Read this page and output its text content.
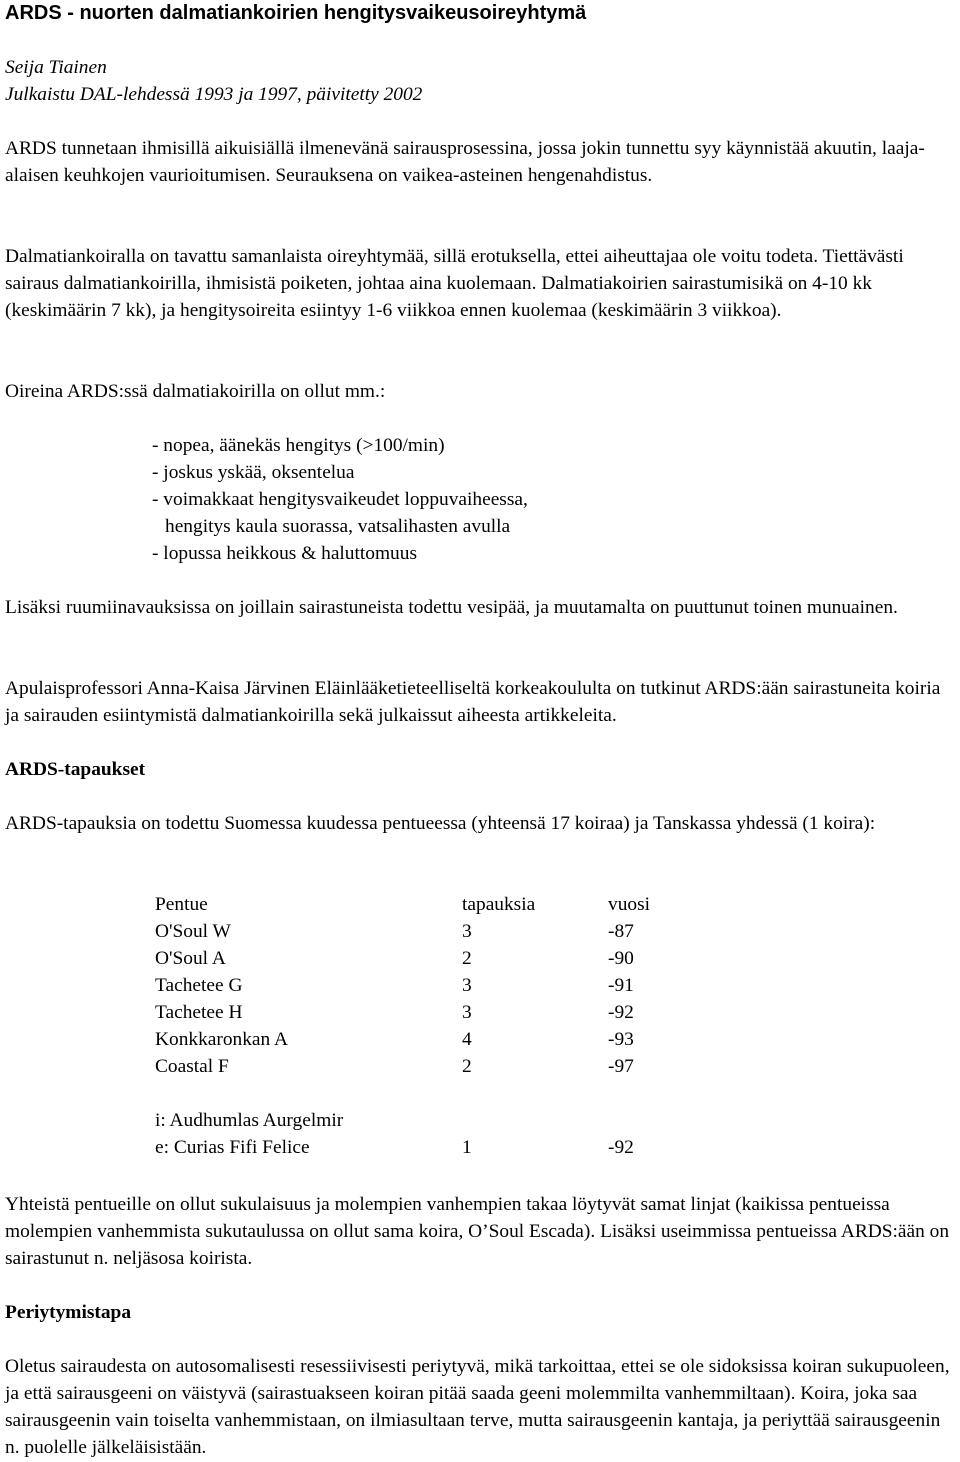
ARDS - nuorten dalmatiankoirien hengitysvaikeusoireyhtymä
Seija Tiainen
Julkaistu DAL-lehdessä 1993 ja 1997, päivitetty 2002

ARDS tunnetaan ihmisillä aikuisiällä ilmenevänä sairausprosessina, jossa jokin tunnettu syy käynnistää akuutin, laaja-alaisen keuhkojen vaurioitumisen. Seurauksena on vaikea-asteinen hengenahdistus.

Dalmatiankoiralla on tavattu samanlaista oireyhtymää, sillä erotuksella, ettei aiheuttajaa ole voitu todeta. Tiettävästi sairaus dalmatiankoirilla, ihmisistä poiketen, johtaa aina kuolemaan. Dalmatiakoirien sairastumisikä on 4-10 kk (keskimäärin 7 kk), ja hengitysoireita esiintyy 1-6 viikkoa ennen kuolemaa (keskimäärin 3 viikkoa).

Oireina ARDS:ssä dalmatiakoirilla on ollut mm.:

- nopea, äänekäs hengitys (>100/min)
- joskus yskää, oksentelua
- voimakkaat hengitysvaikeudet loppuvaiheessa,
hengitys kaula suorassa, vatsalihasten avulla
- lopussa heikkous & haluttomuus

Lisäksi ruumiinavauksissa on joillain sairastuneista todettu vesipää, ja muutamalta on puuttunut toinen munuainen.

Apulaisprofessori Anna-Kaisa Järvinen Eläinlääketieteelliseltä korkeakoululta on tutkinut ARDS:ään sairastuneita koiria ja sairauden esiintymistä dalmatiankoirilla sekä julkaissut aiheesta artikkeleita.

ARDS-tapaukset

ARDS-tapauksia on todettu Suomessa kuudessa pentueessa (yhteensä 17 koiraa) ja Tanskassa yhdessä (1 koira):

Pentue	tapauksia	vuosi
O'Soul W	3	-87
O'Soul A	2	-90
Tachetee G	3	-91
Tachetee H	3	-92
Konkkaronkan A	4	-93
Coastal F	2	-97
i: Audhumlas Aurgelmir
e: Curias Fifi Felice	1	-92

Yhteistä pentueille on ollut sukulaisuus ja molempien vanhempien takaa löytyvät samat linjat (kaikissa pentueissa molempien vanhemmista sukutaulussa on ollut sama koira, O’Soul Escada). Lisäksi useimmissa pentueissa ARDS:ään on sairastunut n. neljäsosa koirista.

Periytymistapa

Oletus sairaudesta on autosomalisesti resessiivisesti periytyvä, mikä tarkoittaa, ettei se ole sidoksissa koiran sukupuoleen, ja että sairausgeeni on väistyvä (sairastuakseen koiran pitää saada geeni molemmilta vanhemmiltaan). Koira, joka saa sairausgeenin vain toiselta vanhemmistaan, on ilmiasultaan terve, mutta sairausgeenin kantaja, ja periyttää sairausgeenin n. puolelle jälkeläisistään.
